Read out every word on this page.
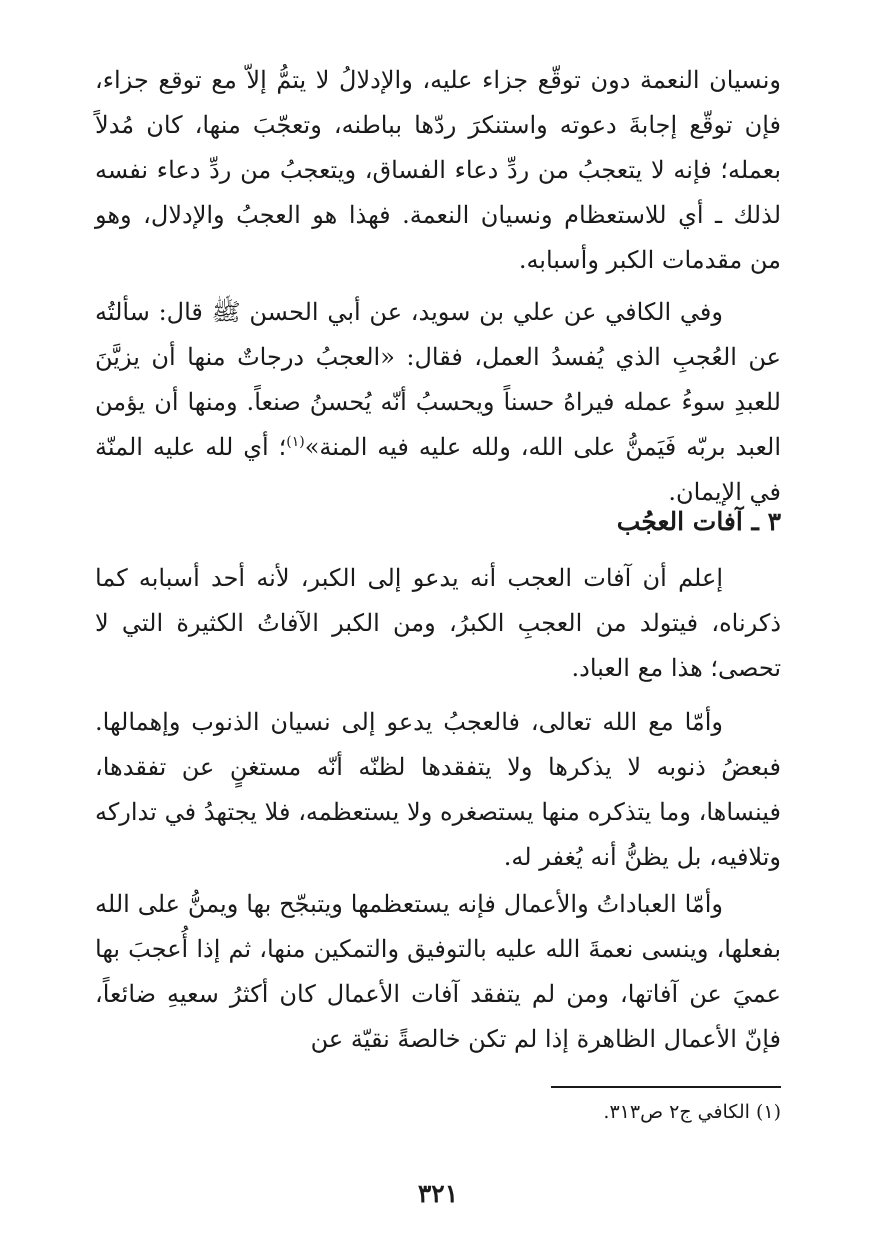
ونسيان النعمة دون توقّع جزاء عليه، والإدلالُ لا يتمُّ إلاّ مع توقع جزاء، فإن توقّع إجابةَ دعوته واستنكرَ ردّها بباطنه، وتعجّبَ منها، كان مُدلاً بعمله؛ فإنه لا يتعجبُ من ردِّ دعاء الفساق، ويتعجبُ من ردِّ دعاء نفسه لذلك ـ أي للاستعظام ونسيان النعمة. فهذا هو العجبُ والإدلال، وهو من مقدمات الكبر وأسبابه.

وفي الكافي عن علي بن سويد، عن أبي الحسن ﷺ قال: سألتُه عن العُجبِ الذي يُفسدُ العمل، فقال: «العجبُ درجاتٌ منها أن يزيَّنَ للعبدِ سوءُ عمله فيراهُ حسناً ويحسبُ أنّه يُحسنُ صنعاً. ومنها أن يؤمن العبد بربّه فَيَمنُّ على الله، ولله عليه فيه المنة»$^{(١)}$؛ أي لله عليه المنّة في الإيمان.

٣ ـ آفات العجُب

إعلم أن آفات العجب أنه يدعو إلى الكبر، لأنه أحد أسبابه كما ذكرناه، فيتولد من العجبِ الكبرُ، ومن الكبر الآفاتُ الكثيرة التي لا تحصى؛ هذا مع العباد.

وأمّا مع الله تعالى، فالعجبُ يدعو إلى نسيان الذنوب وإهمالها. فبعضُ ذنوبه لا يذكرها ولا يتفقدها لظنّه أنّه مستغنٍ عن تفقدها، فينساها، وما يتذكره منها يستصغره ولا يستعظمه، فلا يجتهدُ في تداركه وتلافيه، بل يظنُّ أنه يُغفر له.

وأمّا العباداتُ والأعمال فإنه يستعظمها ويتبجّح بها ويمنُّ على الله بفعلها، وينسى نعمةَ الله عليه بالتوفيق والتمكين منها، ثم إذا أُعجبَ بها عميَ عن آفاتها، ومن لم يتفقد آفات الأعمال كان أكثرُ سعيهِ ضائعاً، فإنّ الأعمال الظاهرة إذا لم تكن خالصةً نقيّة عن

(١) الكافي ج٢ ص٣١٣.

٣٢١
